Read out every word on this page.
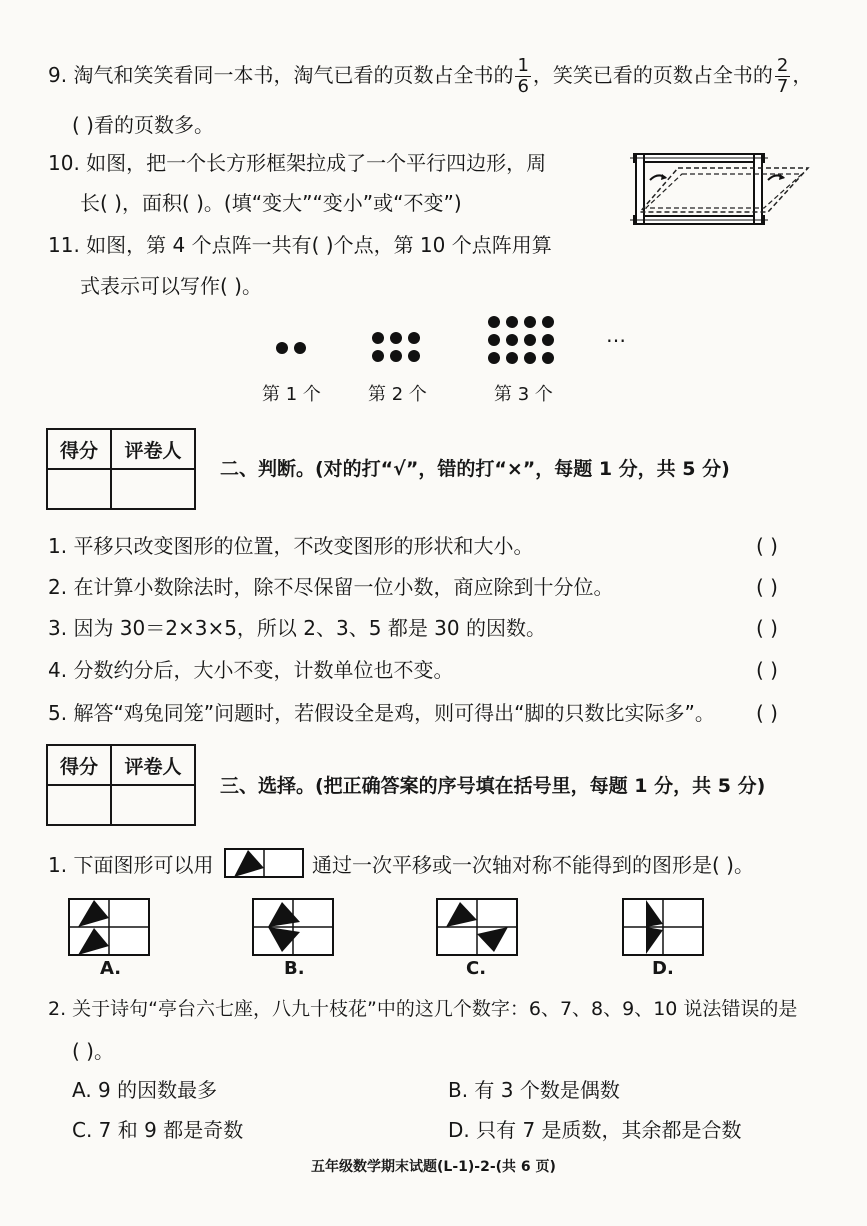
9. 淘气和笑笑看同一本书，淘气已看的页数占全书的 $\frac{1}{6}$ ，笑笑已看的页数占全书的 $\frac{2}{7}$ ，
( )看的页数多。
10. 如图，把一个长方形框架拉成了一个平行四边形，周
长( )，面积( )。(填“变大”“变小”或“不变”)
11. 如图，第 4 个点阵一共有( )个点，第 10 个点阵用算
式表示可以写作( )。
…
第 1 个	第 2 个	第 3 个
得分	评卷人

二、判断。(对的打“√”，错的打“×”，每题 1 分，共 5 分)
1. 平移只改变图形的位置，不改变图形的形状和大小。	( )
2. 在计算小数除法时，除不尽保留一位小数，商应除到十分位。	( )
3. 因为 30＝2×3×5，所以 2、3、5 都是 30 的因数。	( )
4. 分数约分后，大小不变，计数单位也不变。	( )
5. 解答“鸡兔同笼”问题时，若假设全是鸡，则可得出“脚的只数比实际多”。 ( )
得分	评卷人

三、选择。(把正确答案的序号填在括号里，每题 1 分，共 5 分)
1. 下面图形可以用	通过一次平移或一次轴对称不能得到的图形是( )。
A.	B.	C.	D.
2. 关于诗句“亭台六七座，八九十枝花”中的这几个数字：6、7、8、9、10 说法错误的是
( )。
A. 9 的因数最多	B. 有 3 个数是偶数
C. 7 和 9 都是奇数	D. 只有 7 是质数，其余都是合数
五年级数学期末试题(L-1)-2-(共 6 页)
